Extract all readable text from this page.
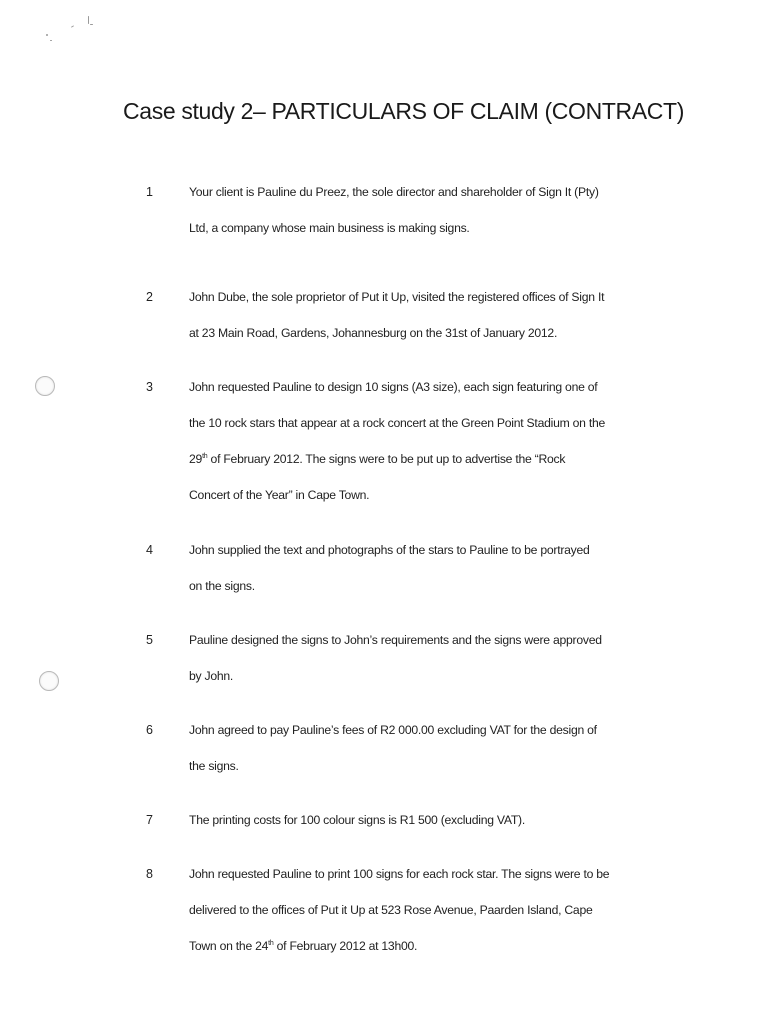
Case study 2– PARTICULARS OF CLAIM (CONTRACT)
1	Your client is Pauline du Preez, the sole director and shareholder of Sign It (Pty)
Ltd, a company whose main business is making signs.
2	John Dube, the sole proprietor of Put it Up, visited the registered offices of Sign It
at 23 Main Road, Gardens, Johannesburg on the 31st of January 2012.
3	John requested Pauline to design 10 signs (A3 size), each sign featuring one of
the 10 rock stars that appear at a rock concert at the Green Point Stadium on the
29th of February 2012. The signs were to be put up to advertise the “Rock
Concert of the Year” in Cape Town.
4	John supplied the text and photographs of the stars to Pauline to be portrayed
on the signs.
5	Pauline designed the signs to John’s requirements and the signs were approved
by John.
6	John agreed to pay Pauline’s fees of R2 000.00 excluding VAT for the design of
the signs.
7	The printing costs for 100 colour signs is R1 500 (excluding VAT).
8	John requested Pauline to print 100 signs for each rock star. The signs were to be
delivered to the offices of Put it Up at 523 Rose Avenue, Paarden Island, Cape
Town on the 24th of February 2012 at 13h00.
